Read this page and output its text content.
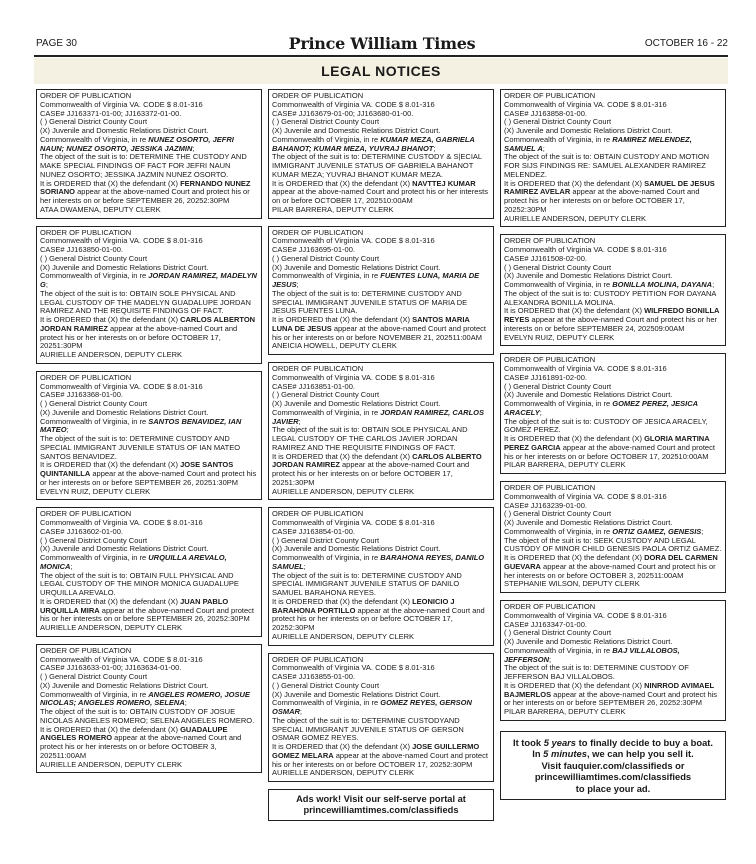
PAGE 30	Prince William Times	OCTOBER 16 - 22
LEGAL NOTICES
ORDER OF PUBLICATION
Commonwealth of Virginia VA. CODE $ 8.01-316
CASE# JJ163371-01-00; JJ163372-01-00.
( ) General District County Court
(X) Juvenile and Domestic Relations District Court.
Commonwealth of Virginia, in re NUNEZ OSORTO, JEFRI NAUN; NUNEZ OSORTO, JESSIKA JAZMIN;
The object of the suit is to: DETERMINE THE CUSTODY AND MAKE SPECIAL FINDINGS OF FACT FOR JEFRI NAUN NUNEZ OSORTO; JESSIKA JAZMIN NUNEZ OSORTO.
It is ORDERED that (X) the defendant (X) FERNANDO NUNEZ SORIANO appear at the above-named Court and protect his or her interests on or before SEPTEMBER 26, 20252:30PM
ATAA DWAMENA, DEPUTY CLERK
ORDER OF PUBLICATION
Commonwealth of Virginia VA. CODE $ 8.01-316
CASE# JJ163850-01-00.
( ) General District County Court
(X) Juvenile and Domestic Relations District Court.
Commonwealth of Virginia, in re JORDAN RAMIREZ, MADELYN G;
The object of the suit is to: OBTAIN SOLE PHYSICAL AND LEGAL CUSTODY OF THE MADELYN GUADALUPE JORDAN RAMIREZ AND THE REQUISITE FINDINGS OF FACT.
It is ORDERED that (X) the defendant (X) CARLOS ALBERTON JORDAN RAMIREZ appear at the above-named Court and protect his or her interests on or before OCTOBER 17, 20251:30PM
AURIELLE ANDERSON, DEPUTY CLERK
ORDER OF PUBLICATION
Commonwealth of Virginia VA. CODE $ 8.01-316
CASE# JJ163368-01-00.
( ) General District County Court
(X) Juvenile and Domestic Relations District Court.
Commonwealth of Virginia, in re SANTOS BENAVIDEZ, IAN MATEO;
The object of the suit is to: DETERMINE CUSTODY AND SPECIAL IMMIGRANT JUVENILE STATUS OF IAN MATEO SANTOS BENAVIDEZ.
It is ORDERED that (X) the defendant (X) JOSE SANTOS QUINTANILLA appear at the above-named Court and protect his or her interests on or before SEPTEMBER 26, 20251:30PM
EVELYN RUIZ, DEPUTY CLERK
ORDER OF PUBLICATION
Commonwealth of Virginia VA. CODE $ 8.01-316
CASE# JJ163602-01-00.
( ) General District County Court
(X) Juvenile and Domestic Relations District Court.
Commonwealth of Virginia, in re URQUILLA AREVALO, MONICA;
The object of the suit is to: OBTAIN FULL PHYSICAL AND LEGAL CUSTODY OF THE MINOR MONICA GUADALUPE URQUILLA AREVALO.
It is ORDERED that (X) the defendant (X) JUAN PABLO URQUILLA MIRA appear at the above-named Court and protect his or her interests on or before SEPTEMBER 26, 20252:30PM
AURIELLE ANDERSON, DEPUTY CLERK
ORDER OF PUBLICATION
Commonwealth of Virginia VA. CODE $ 8.01-316
CASE# JJ163633-01-00; JJ163634-01-00.
( ) General District County Court
(X) Juvenile and Domestic Relations District Court.
Commonwealth of Virginia, in re ANGELES ROMERO, JOSUE NICOLAS; ANGELES ROMERO, SELENA;
The object of the suit is to: OBTAIN CUSTODY OF JOSUE NICOLAS ANGELES ROMERO; SELENA ANGELES ROMERO.
It is ORDERED that (X) the defendant (X) GUADALUPE ANGELES ROMERO appear at the above-named Court and protect his or her interests on or before OCTOBER 3, 202511:00AM
AURIELLE ANDERSON, DEPUTY CLERK
ORDER OF PUBLICATION
Commonwealth of Virginia VA. CODE $ 8.01-316
CASE# JJ163679-01-00; JJ163680-01-00.
( ) General District County Court
(X) Juvenile and Domestic Relations District Court.
Commonwealth of Virginia, in re KUMAR MEZA, GABRIELA BAHANOT; KUMAR MEZA, YUVRAJ BHANOT;
The object of the suit is to: DETERMINE CUSTODY & S|ECIAL IMMIGRANT JUVENILE STATUS OF GABRIELA BAHANOT KUMAR MEZA; YUVRAJ BHANOT KUMAR MEZA.
It is ORDERED that (X) the defendant (X) NAVTTEJ KUMAR appear at the above-named Court and protect his or her interests on or before OCTOBER 17, 202510:00AM
PILAR BARRERA, DEPUTY CLERK
ORDER OF PUBLICATION
Commonwealth of Virginia VA. CODE $ 8.01-316
CASE# JJ163695-01-00.
( ) General District County Court
(X) Juvenile and Domestic Relations District Court.
Commonwealth of Virginia, in re FUENTES LUNA, MARIA DE JESUS;
The object of the suit is to: DETERMINE CUSTODY AND SPECIAL IMMIGRANT JUVENILE STATUS OF MARIA DE JESUS FUENTES LUNA.
It is ORDERED that (X) the defendant (X) SANTOS MARIA LUNA DE JESUS appear at the above-named Court and protect his or her interests on or before NOVEMBER 21, 202511:00AM
ANEICIA HOWELL, DEPUTY CLERK
ORDER OF PUBLICATION
Commonwealth of Virginia VA. CODE $ 8.01-316
CASE# JJ163851-01-00.
( ) General District County Court
(X) Juvenile and Domestic Relations District Court.
Commonwealth of Virginia, in re JORDAN RAMIREZ, CARLOS JAVIER;
The object of the suit is to: OBTAIN SOLE PHYSICAL AND LEGAL CUSTODY OF THE CARLOS JAVIER JORDAN RAMIREZ AND THE REQUISITE FINDINGS OF FACT.
It is ORDERED that (X) the defendant (X) CARLOS ALBERTO JORDAN RAMIREZ appear at the above-named Court and protect his or her interests on or before OCTOBER 17, 20251:30PM
AURIELLE ANDERSON, DEPUTY CLERK
ORDER OF PUBLICATION
Commonwealth of Virginia VA. CODE $ 8.01-316
CASE# JJ163854-01-00.
( ) General District County Court
(X) Juvenile and Domestic Relations District Court.
Commonwealth of Virginia, in re BARAHONA REYES, DANILO SAMUEL;
The object of the suit is to: DETERMINE CUSTODY AND SPECIAL IMMIGRANT JUVENILE STATUS OF DANILO SAMUEL BARAHONA REYES.
It is ORDERED that (X) the defendant (X) LEONICIO J BARAHONA PORTILLO appear at the above-named Court and protect his or her interests on or before OCTOBER 17, 20252:30PM
AURIELLE ANDERSON, DEPUTY CLERK
ORDER OF PUBLICATION
Commonwealth of Virginia VA. CODE $ 8.01-316
CASE# JJ163855-01-00.
( ) General District County Court
(X) Juvenile and Domestic Relations District Court.
Commonwealth of Virginia, in re GOMEZ REYES, GERSON OSMAR;
The object of the suit is to: DETERMINE CUSTODYAND SPECIAL IMMIGRANT JUVENILE STATUS OF GERSON OSMAR GOMEZ REYES.
It is ORDERED that (X) the defendant (X) JOSE GUILLERMO GOMEZ MELARA appear at the above-named Court and protect his or her interests on or before OCTOBER 17, 20252:30PM
AURIELLE ANDERSON, DEPUTY CLERK
Ads work! Visit our self-serve portal at
princewilliamtimes.com/classifieds
ORDER OF PUBLICATION
Commonwealth of Virginia VA. CODE $ 8.01-316
CASE# JJ163858-01-00.
( ) General District County Court
(X) Juvenile and Domestic Relations District Court.
Commonwealth of Virginia, in re RAMIREZ MELENDEZ, SAMUEL A;
The object of the suit is to: OBTAIN CUSTODY AND MOTION FOR SIJS FINDINGS RE: SAMUEL ALEXANDER RAMIREZ MELENDEZ.
It is ORDERED that (X) the defendant (X) SAMUEL DE JESUS RAMIREZ AVELAR appear at the above-named Court and protect his or her interests on or before OCTOBER 17, 20252:30PM
AURIELLE ANDERSON, DEPUTY CLERK
ORDER OF PUBLICATION
Commonwealth of Virginia VA. CODE $ 8.01-316
CASE# JJ161508-02-00.
( ) General District County Court
(X) Juvenile and Domestic Relations District Court.
Commonwealth of Virginia, in re BONILLA MOLINA, DAYANA;
The object of the suit is to: CUSTODY PETITION FOR DAYANA ALEXANDRA BONILLA MOLINA.
It is ORDERED that (X) the defendant (X) WILFREDO BONILLA REYES appear at the above-named Court and protect his or her interests on or before SEPTEMBER 24, 202509:00AM
EVELYN RUIZ, DEPUTY CLERK
ORDER OF PUBLICATION
Commonwealth of Virginia VA. CODE $ 8.01-316
CASE# JJ161891-02-00.
( ) General District County Court
(X) Juvenile and Domestic Relations District Court.
Commonwealth of Virginia, in re GOMEZ PEREZ, JESICA ARACELY;
The object of the suit is to: CUSTODY OF JESICA ARACELY, GOMEZ PEREZ.
It is ORDERED that (X) the defendant (X) GLORIA MARTINA PEREZ GARCIA appear at the above-named Court and protect his or her interests on or before OCTOBER 17, 202510:00AM
PILAR BARRERA, DEPUTY CLERK
ORDER OF PUBLICATION
Commonwealth of Virginia VA. CODE $ 8.01-316
CASE# JJ163239-01-00.
( ) General District County Court
(X) Juvenile and Domestic Relations District Court.
Commonwealth of Virginia, in re ORTIZ GAMEZ, GENESIS;
The object of the suit is to: SEEK CUSTODY AND LEGAL CUSTODY OF MINOR CHILD GENESIS PAOLA ORTIZ GAMEZ.
It is ORDERED that (X) the defendant (X) DORA DEL CARMEN GUEVARA appear at the above-named Court and protect his or her interests on or before OCTOBER 3, 202511:00AM
STEPHANIE WILSON, DEPUTY CLERK
ORDER OF PUBLICATION
Commonwealth of Virginia VA. CODE $ 8.01-316
CASE# JJ163347-01-00.
( ) General District County Court
(X) Juvenile and Domestic Relations District Court.
Commonwealth of Virginia, in re BAJ VILLALOBOS, JEFFERSON;
The object of the suit is to: DETERMINE CUSTODY OF JEFFERSON BAJ VILLALOBOS.
It is ORDERED that (X) the defendant (X) NINRROD AVIMAEL BAJMERLOS appear at the above-named Court and protect his or her interests on or before SEPTEMBER 26, 20252:30PM
PILAR BARRERA, DEPUTY CLERK
It took 5 years to finally decide to buy a boat.
In 5 minutes, we can help you sell it.
Visit fauquier.com/classifieds or
princewilliamtimes.com/classifieds
to place your ad.
